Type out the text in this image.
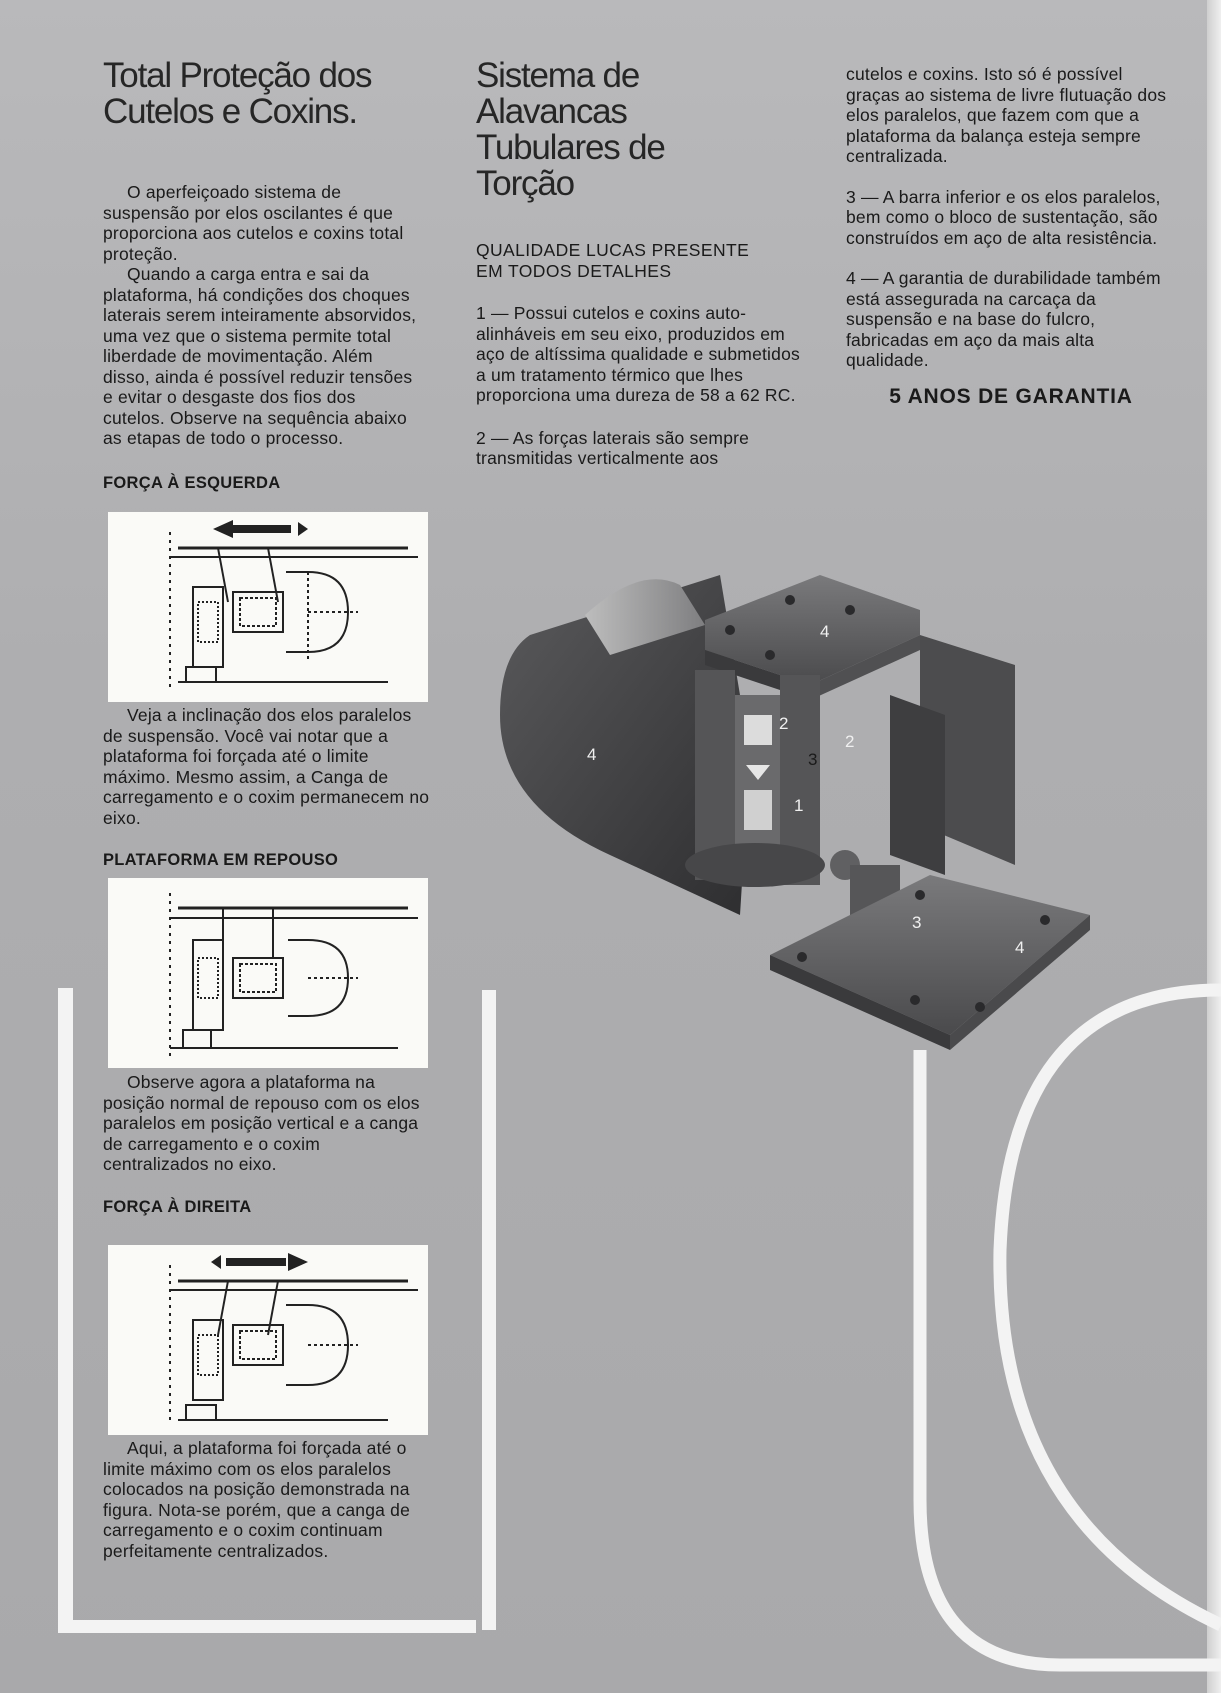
Total Proteção dos
Cutelos e Coxins.

O aperfeiçoado sistema de suspensão por elos oscilantes é que proporciona aos cutelos e coxins total proteção.

Quando a carga entra e sai da plataforma, há condições dos choques laterais serem inteiramente absorvidos, uma vez que o sistema permite total liberdade de movimentação. Além disso, ainda é possível reduzir tensões e evitar o desgaste dos fios dos cutelos. Observe na sequência abaixo as etapas de todo o processo.

FORÇA À ESQUERDA

Veja a inclinação dos elos paralelos de suspensão. Você vai notar que a plataforma foi forçada até o limite máximo. Mesmo assim, a Canga de carregamento e o coxim permanecem no eixo.

PLATAFORMA EM REPOUSO

Observe agora a plataforma na posição normal de repouso com os elos paralelos em posição vertical e a canga de carregamento e o coxim centralizados no eixo.

FORÇA À DIREITA

Aqui, a plataforma foi forçada até o limite máximo com os elos paralelos colocados na posição demonstrada na figura. Nota-se porém, que a canga de carregamento e o coxim continuam perfeitamente centralizados.

Sistema de
Alavancas
Tubulares de
Torção

QUALIDADE LUCAS PRESENTE
EM TODOS DETALHES

1 — Possui cutelos e coxins auto-alinháveis em seu eixo, produzidos em aço de altíssima qualidade e submetidos a um tratamento térmico que lhes proporciona uma dureza de 58 a 62 RC.

2 — As forças laterais são sempre transmitidas verticalmente aos

cutelos e coxins. Isto só é possível graças ao sistema de livre flutuação dos elos paralelos, que fazem com que a plataforma da balança esteja sempre centralizada.

3 — A barra inferior e os elos paralelos, bem como o bloco de sustentação, são construídos em aço de alta resistência.

4 — A garantia de durabilidade também está assegurada na carcaça da suspensão e na base do fulcro, fabricadas em aço da mais alta qualidade.

5 ANOS DE GARANTIA

4
4
2
2
3
1
3
4
